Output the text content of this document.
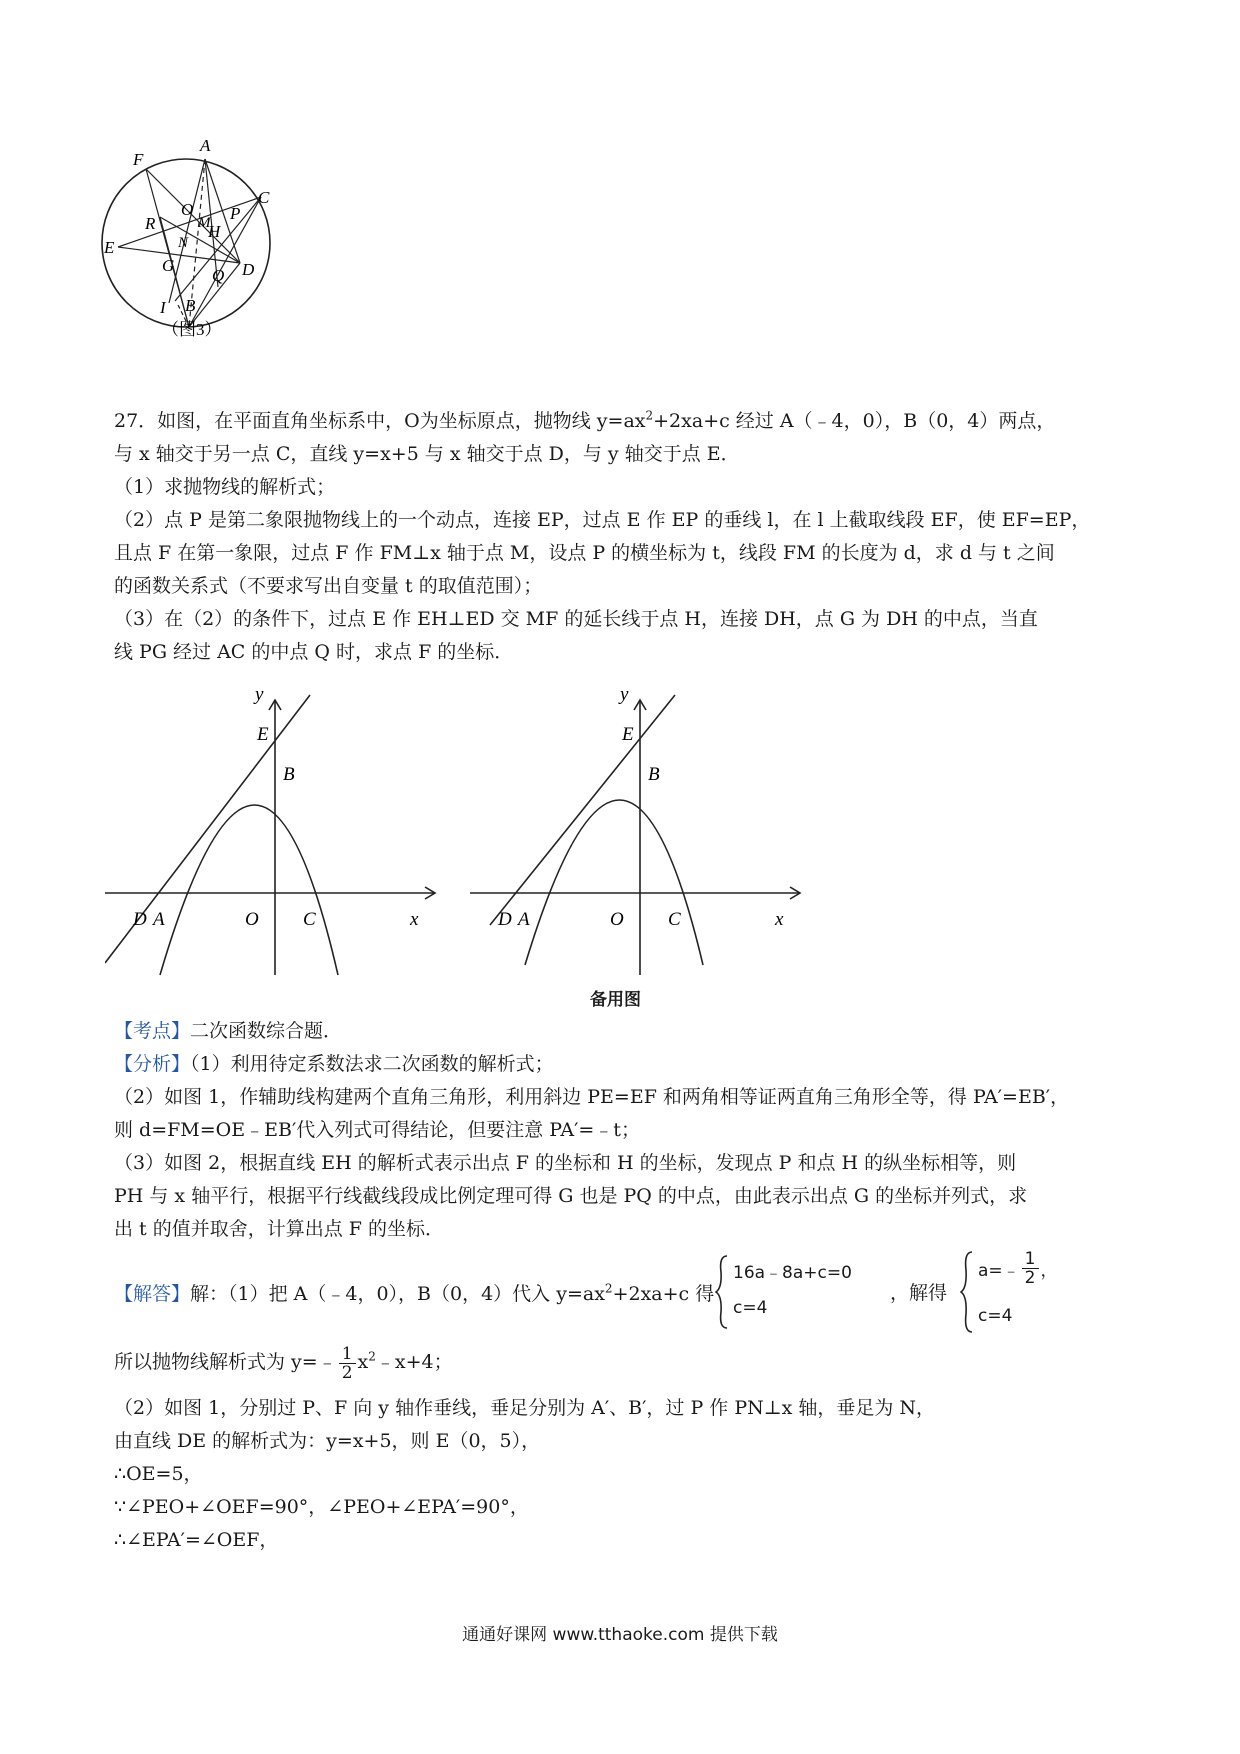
A
F
C
O
M P
R	H
N
E
G
Q D
I B
（图3）
27．如图，在平面直角坐标系中，O为坐标原点，抛物线 $y=ax^2+2xa+c$ 经过 A（﹣4，0），B（0，4）两点，
与 x 轴交于另一点 C，直线 y=x+5 与 x 轴交于点 D，与 y 轴交于点 E．
（1）求抛物线的解析式；
（2）点 P 是第二象限抛物线上的一个动点，连接 EP，过点 E 作 EP 的垂线 l，在 l 上截取线段 EF，使 EF=EP，
且点 F 在第一象限，过点 F 作 FM⊥x 轴于点 M，设点 P 的横坐标为 t，线段 FM 的长度为 d，求 d 与 t 之间
的函数关系式（不要求写出自变量 t 的取值范围）；
（3）在（2）的条件下，过点 E 作 EH⊥ED 交 MF 的延长线于点 H，连接 DH，点 G 为 DH 的中点，当直
线 PG 经过 AC 的中点 Q 时，求点 F 的坐标．
y
E
B
D A	O C	x
y
E
B
D A	O C	x
备用图
【考点】二次函数综合题．
【分析】（1）利用待定系数法求二次函数的解析式；
（2）如图 1，作辅助线构建两个直角三角形，利用斜边 PE=EF 和两角相等证两直角三角形全等，得 PA′=EB′，
则 d=FM=OE﹣EB′代入列式可得结论，但要注意 PA′=﹣t；
（3）如图 2，根据直线 EH 的解析式表示出点 F 的坐标和 H 的坐标，发现点 P 和点 H 的纵坐标相等，则
PH 与 x 轴平行，根据平行线截线段成比例定理可得 G 也是 PQ 的中点，由此表示出点 G 的坐标并列式，求
出 t 的值并取舍，计算出点 F 的坐标．
【解答】解：（1）把 A（﹣4，0），B（0，4）代入 $y=ax^2+2xa+c$ 得
16a﹣8a+c=0
c=4
，解得
a=﹣ $\frac{1}{2}$ ，
c=4
所以抛物线解析式为 y=﹣ $\frac{1}{2}$ $x^2﹣x+4$；
（2）如图 1，分别过 P、F 向 y 轴作垂线，垂足分别为 A′、B′，过 P 作 PN⊥x 轴，垂足为 N，
由直线 DE 的解析式为：y=x+5，则 E（0，5），
∴OE=5，
∵∠PEO+∠OEF=90°，∠PEO+∠EPA′=90°，
∴∠EPA′=∠OEF，
通通好课网 www.tthaoke.com 提供下载
